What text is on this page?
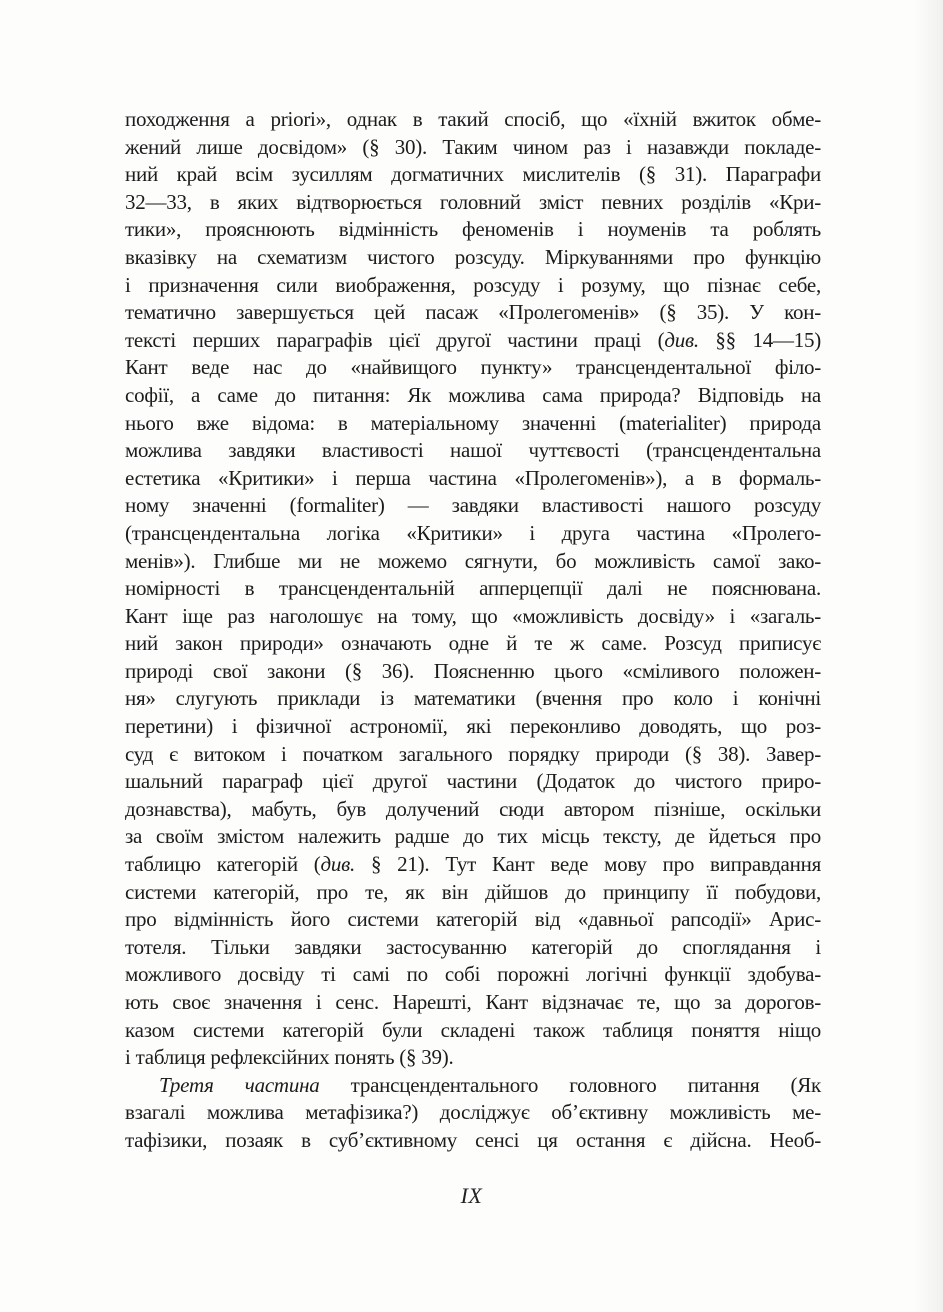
походження a priori», однак в такий спосіб, що «їхній вжиток обме-
жений лише досвідом» (§ 30). Таким чином раз і назавжди покладе-
ний край всім зусиллям догматичних мислителів (§ 31). Параграфи
32—33, в яких відтворюється головний зміст певних розділів «Кри-
тики», прояснюють відмінність феноменів і ноуменів та роблять
вказівку на схематизм чистого розсуду. Міркуваннями про функцію
і призначення сили виображення, розсуду і розуму, що пізнає себе,
тематично завершується цей пасаж «Пролегоменів» (§ 35). У кон-
тексті перших параграфів цієї другої частини праці (див. §§ 14—15)
Кант веде нас до «найвищого пункту» трансцендентальної філо-
софії, а саме до питання: Як можлива сама природа? Відповідь на
нього вже відома: в матеріальному значенні (materialiter) природа
можлива завдяки властивості нашої чуттєвості (трансцендентальна
естетика «Критики» і перша частина «Пролегоменів»), а в формаль-
ному значенні (formaliter) — завдяки властивості нашого розсуду
(трансцендентальна логіка «Критики» і друга частина «Пролего-
менів»). Глибше ми не можемо сягнути, бо можливість самої зако-
номірності в трансцендентальній апперцепції далі не пояснювана.
Кант іще раз наголошує на тому, що «можливість досвіду» і «загаль-
ний закон природи» означають одне й те ж саме. Розсуд приписує
природі свої закони (§ 36). Поясненню цього «сміливого положен-
ня» слугують приклади із математики (вчення про коло і конічні
перетини) і фізичної астрономії, які переконливо доводять, що роз-
суд є витоком і початком загального порядку природи (§ 38). Завер-
шальний параграф цієї другої частини (Додаток до чистого приро-
дознавства), мабуть, був долучений сюди автором пізніше, оскільки
за своїм змістом належить радше до тих місць тексту, де йдеться про
таблицю категорій (див. § 21). Тут Кант веде мову про виправдання
системи категорій, про те, як він дійшов до принципу її побудови,
про відмінність його системи категорій від «давньої рапсодії» Арис-
тотеля. Тільки завдяки застосуванню категорій до споглядання і
можливого досвіду ті самі по собі порожні логічні функції здобува-
ють своє значення і сенс. Нарешті, Кант відзначає те, що за дорогов-
казом системи категорій були складені також таблиця поняття ніщо
і таблиця рефлексійних понять (§ 39).
Третя частина трансцендентального головного питання (Як
взагалі можлива метафізика?) досліджує об’єктивну можливість ме-
тафізики, позаяк в суб’єктивному сенсі ця остання є дійсна. Необ-
IX
